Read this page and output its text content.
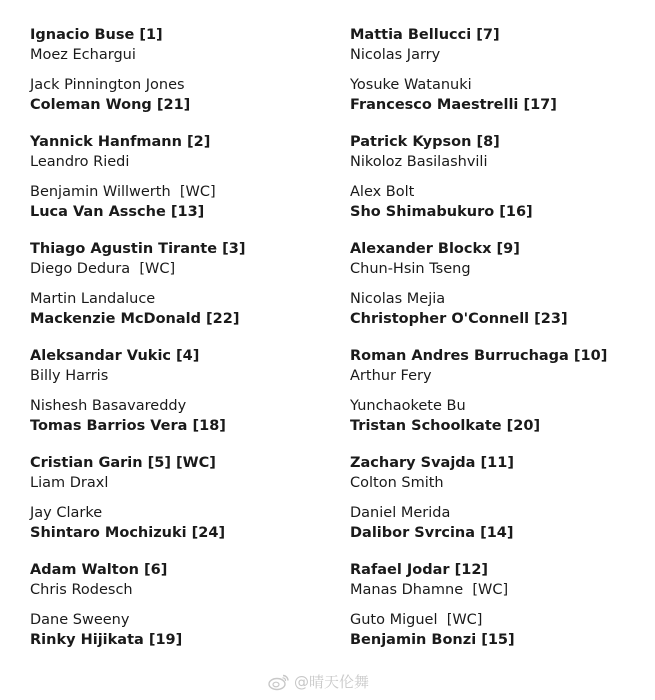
Ignacio Buse [1]
Moez Echargui
Jack Pinnington Jones
Coleman Wong [21]
Yannick Hanfmann [2]
Leandro Riedi
Benjamin Willwerth  [WC]
Luca Van Assche [13]
Thiago Agustin Tirante [3]
Diego Dedura  [WC]
Martin Landaluce
Mackenzie McDonald [22]
Aleksandar Vukic [4]
Billy Harris
Nishesh Basavareddy
Tomas Barrios Vera [18]
Cristian Garin [5] [WC]
Liam Draxl
Jay Clarke
Shintaro Mochizuki [24]
Adam Walton [6]
Chris Rodesch
Dane Sweeny
Rinky Hijikata [19]
Mattia Bellucci [7]
Nicolas Jarry
Yosuke Watanuki
Francesco Maestrelli [17]
Patrick Kypson [8]
Nikoloz Basilashvili
Alex Bolt
Sho Shimabukuro [16]
Alexander Blockx [9]
Chun-Hsin Tseng
Nicolas Mejia
Christopher O'Connell [23]
Roman Andres Burruchaga [10]
Arthur Fery
Yunchaokete Bu
Tristan Schoolkate [20]
Zachary Svajda [11]
Colton Smith
Daniel Merida
Dalibor Svrcina [14]
Rafael Jodar [12]
Manas Dhamne  [WC]
Guto Miguel  [WC]
Benjamin Bonzi [15]
@晴天伦舞
